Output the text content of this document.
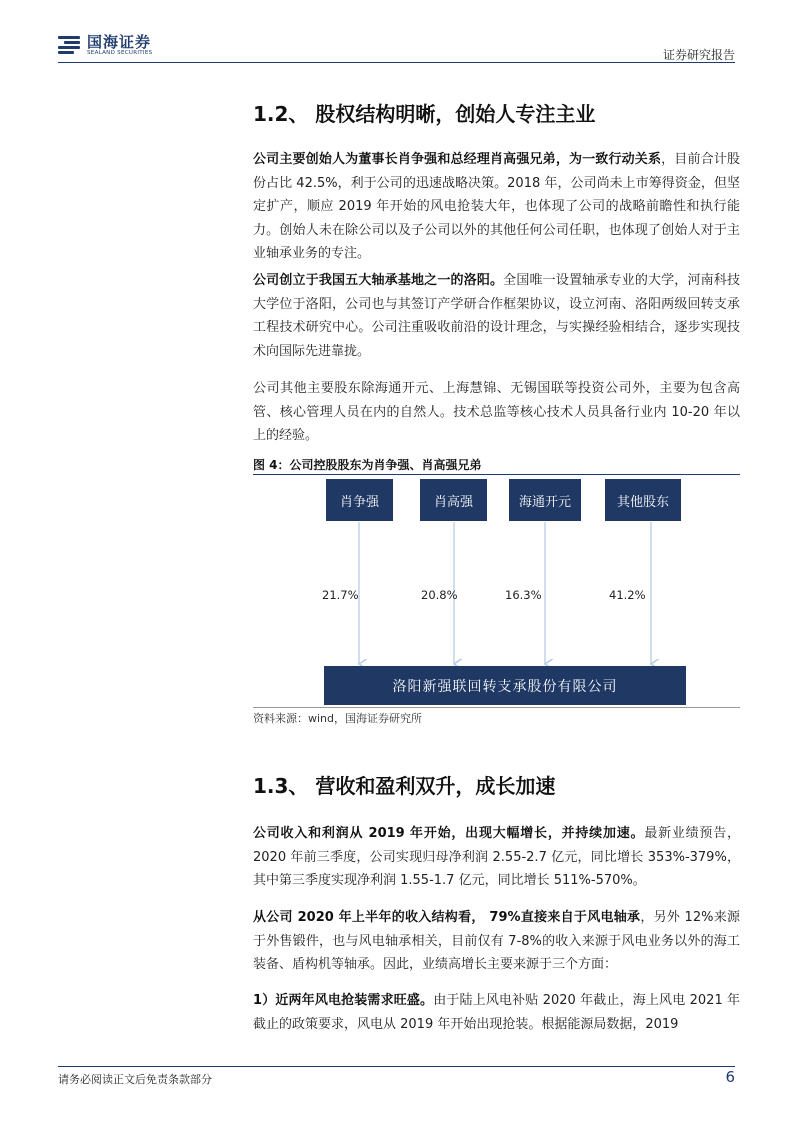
国海证券
SEALAND SECURITIES	证券研究报告
1.2、 股权结构明晰，创始人专注主业
公司主要创始人为董事长肖争强和总经理肖高强兄弟，为一致行动关系，目前合计股份占比 42.5%，利于公司的迅速战略决策。2018 年，公司尚未上市筹得资金，但坚定扩产，顺应 2019 年开始的风电抢装大年，也体现了公司的战略前瞻性和执行能力。创始人未在除公司以及子公司以外的其他任何公司任职，也体现了创始人对于主业轴承业务的专注。
公司创立于我国五大轴承基地之一的洛阳。全国唯一设置轴承专业的大学，河南科技大学位于洛阳，公司也与其签订产学研合作框架协议，设立河南、洛阳两级回转支承工程技术研究中心。公司注重吸收前沿的设计理念，与实操经验相结合，逐步实现技术向国际先进靠拢。
公司其他主要股东除海通开元、上海慧锦、无锡国联等投资公司外，主要为包含高管、核心管理人员在内的自然人。技术总监等核心技术人员具备行业内 10-20 年以上的经验。
图 4：公司控股股东为肖争强、肖高强兄弟
肖争强	肖高强	海通开元	其他股东
21.7%	20.8%	16.3%	41.2%
洛阳新强联回转支承股份有限公司
资料来源：wind，国海证券研究所
1.3、 营收和盈利双升，成长加速
公司收入和利润从 2019 年开始，出现大幅增长，并持续加速。最新业绩预告，2020 年前三季度，公司实现归母净利润 2.55-2.7 亿元，同比增长 353%-379%，其中第三季度实现净利润 1.55-1.7 亿元，同比增长 511%-570%。
从公司 2020 年上半年的收入结构看， 79%直接来自于风电轴承，另外 12%来源于外售锻件，也与风电轴承相关，目前仅有 7-8%的收入来源于风电业务以外的海工装备、盾构机等轴承。因此，业绩高增长主要来源于三个方面：
1）近两年风电抢装需求旺盛。由于陆上风电补贴 2020 年截止，海上风电 2021 年截止的政策要求，风电从 2019 年开始出现抢装。根据能源局数据，2019
请务必阅读正文后免责条款部分	6
